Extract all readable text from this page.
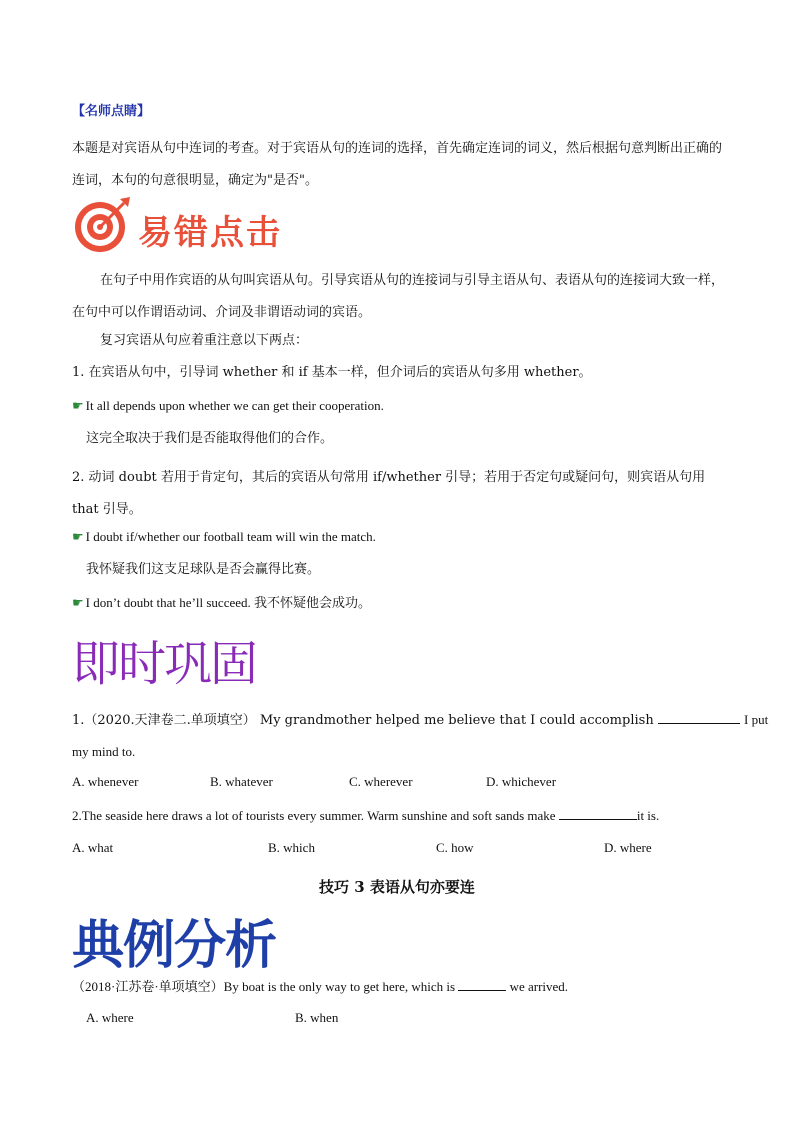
【名师点睛】
本题是对宾语从句中连词的考查。对于宾语从句的连词的选择，首先确定连词的词义，然后根据句意判断出正确的连词，本句的句意很明显，确定为"是否"。
易错点击
在句子中用作宾语的从句叫宾语从句。引导宾语从句的连接词与引导主语从句、表语从句的连接词大致一样，在句中可以作谓语动词、介词及非谓语动词的宾语。
复习宾语从句应着重注意以下两点：
1. 在宾语从句中，引导词 whether 和 if 基本一样，但介词后的宾语从句多用 whether。
☛ It all depends upon whether we can get their cooperation.
这完全取决于我们是否能取得他们的合作。
2. 动词 doubt 若用于肯定句，其后的宾语从句常用 if/whether 引导；若用于否定句或疑问句，则宾语从句用 that 引导。
☛ I doubt if/whether our football team will win the match.
我怀疑我们这支足球队是否会赢得比赛。
☛ I don’t doubt that he’ll succeed. 我不怀疑他会成功。
即时巩固
1.（2020.天津卷二.单项填空） My grandmother helped me believe that I could accomplish	I put
my mind to.
A. whenever	B. whatever	C. wherever	D. whichever
2.The seaside here draws a lot of tourists every summer. Warm sunshine and soft sands make	it is.
A. what	B. which	C. how	D. where
技巧 3 表语从句亦要连
典例分析
（2018·江苏卷·单项填空）By boat is the only way to get here, which is	we arrived.
A. where	B. when
